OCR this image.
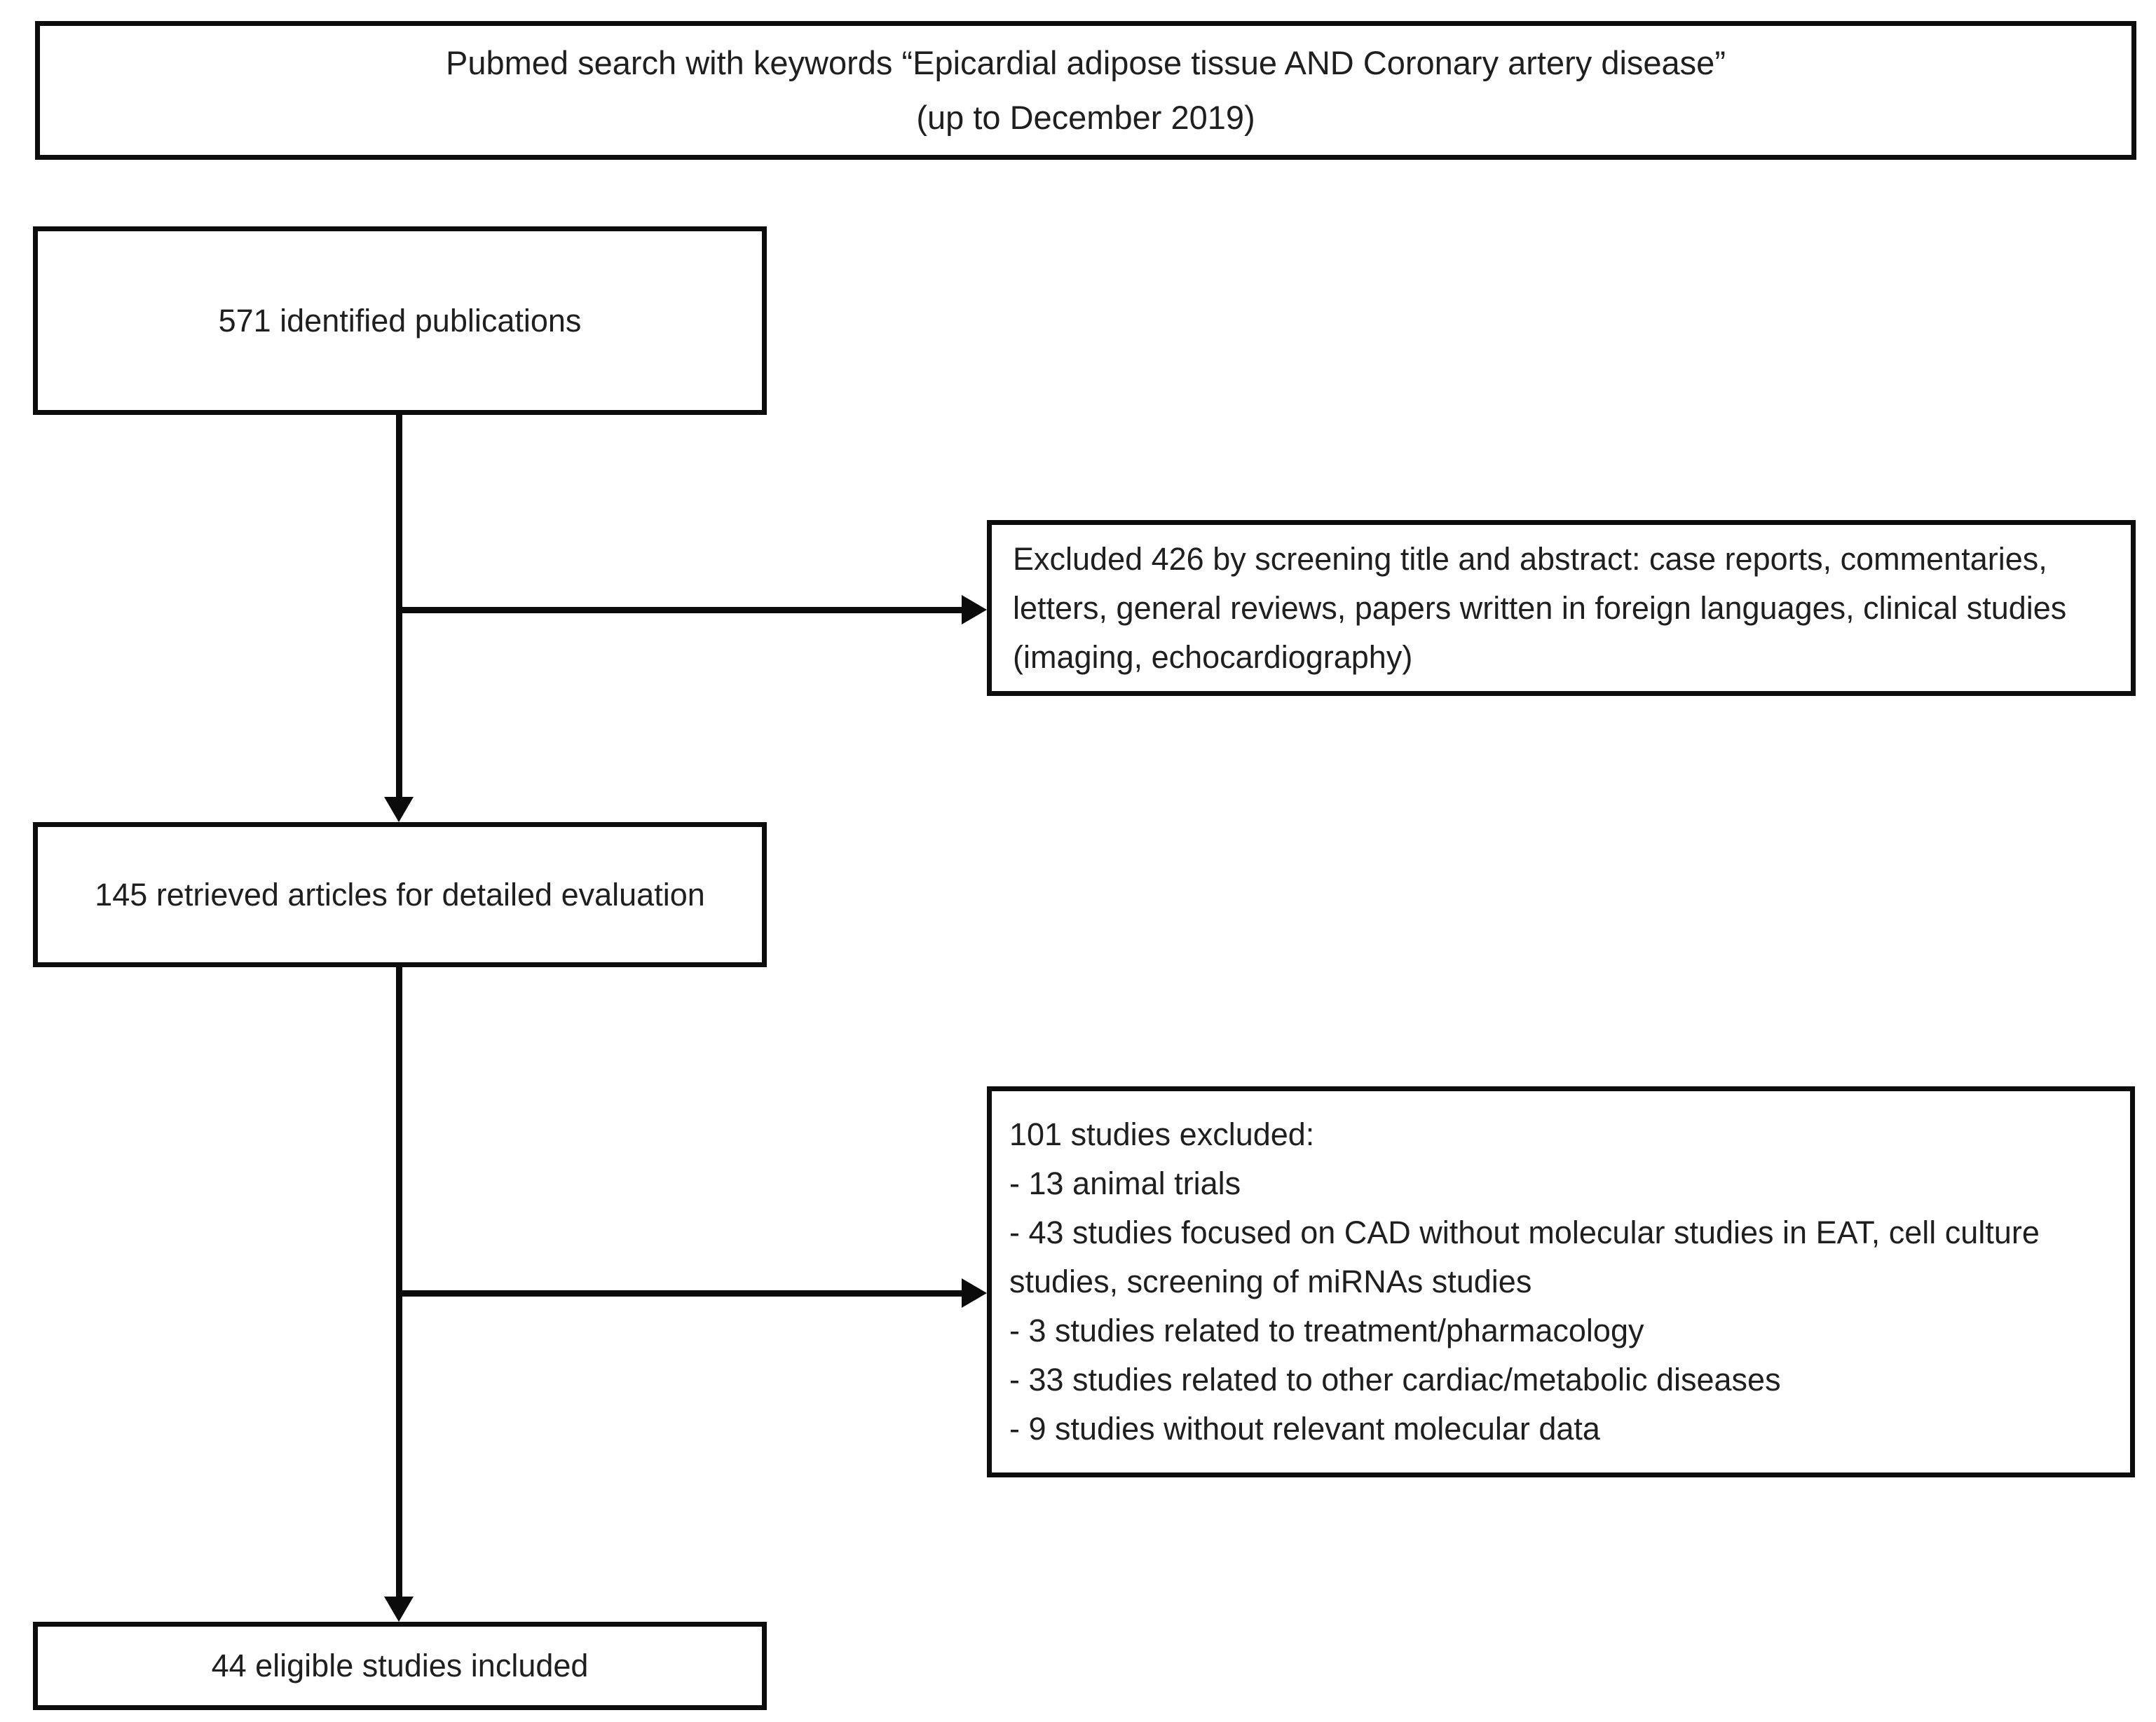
Pubmed search with keywords “Epicardial adipose tissue AND Coronary artery disease”
(up to December 2019)
571 identified publications
Excluded 426 by screening title and abstract: case reports, commentaries, letters, general reviews, papers written in foreign languages, clinical studies (imaging, echocardiography)
145 retrieved articles for detailed evaluation
101 studies excluded:
- 13 animal trials
- 43 studies focused on CAD without molecular studies in EAT, cell culture studies, screening of miRNAs studies
- 3 studies related to treatment/pharmacology
- 33 studies related to other cardiac/metabolic diseases
- 9 studies without relevant molecular data
44 eligible studies included
